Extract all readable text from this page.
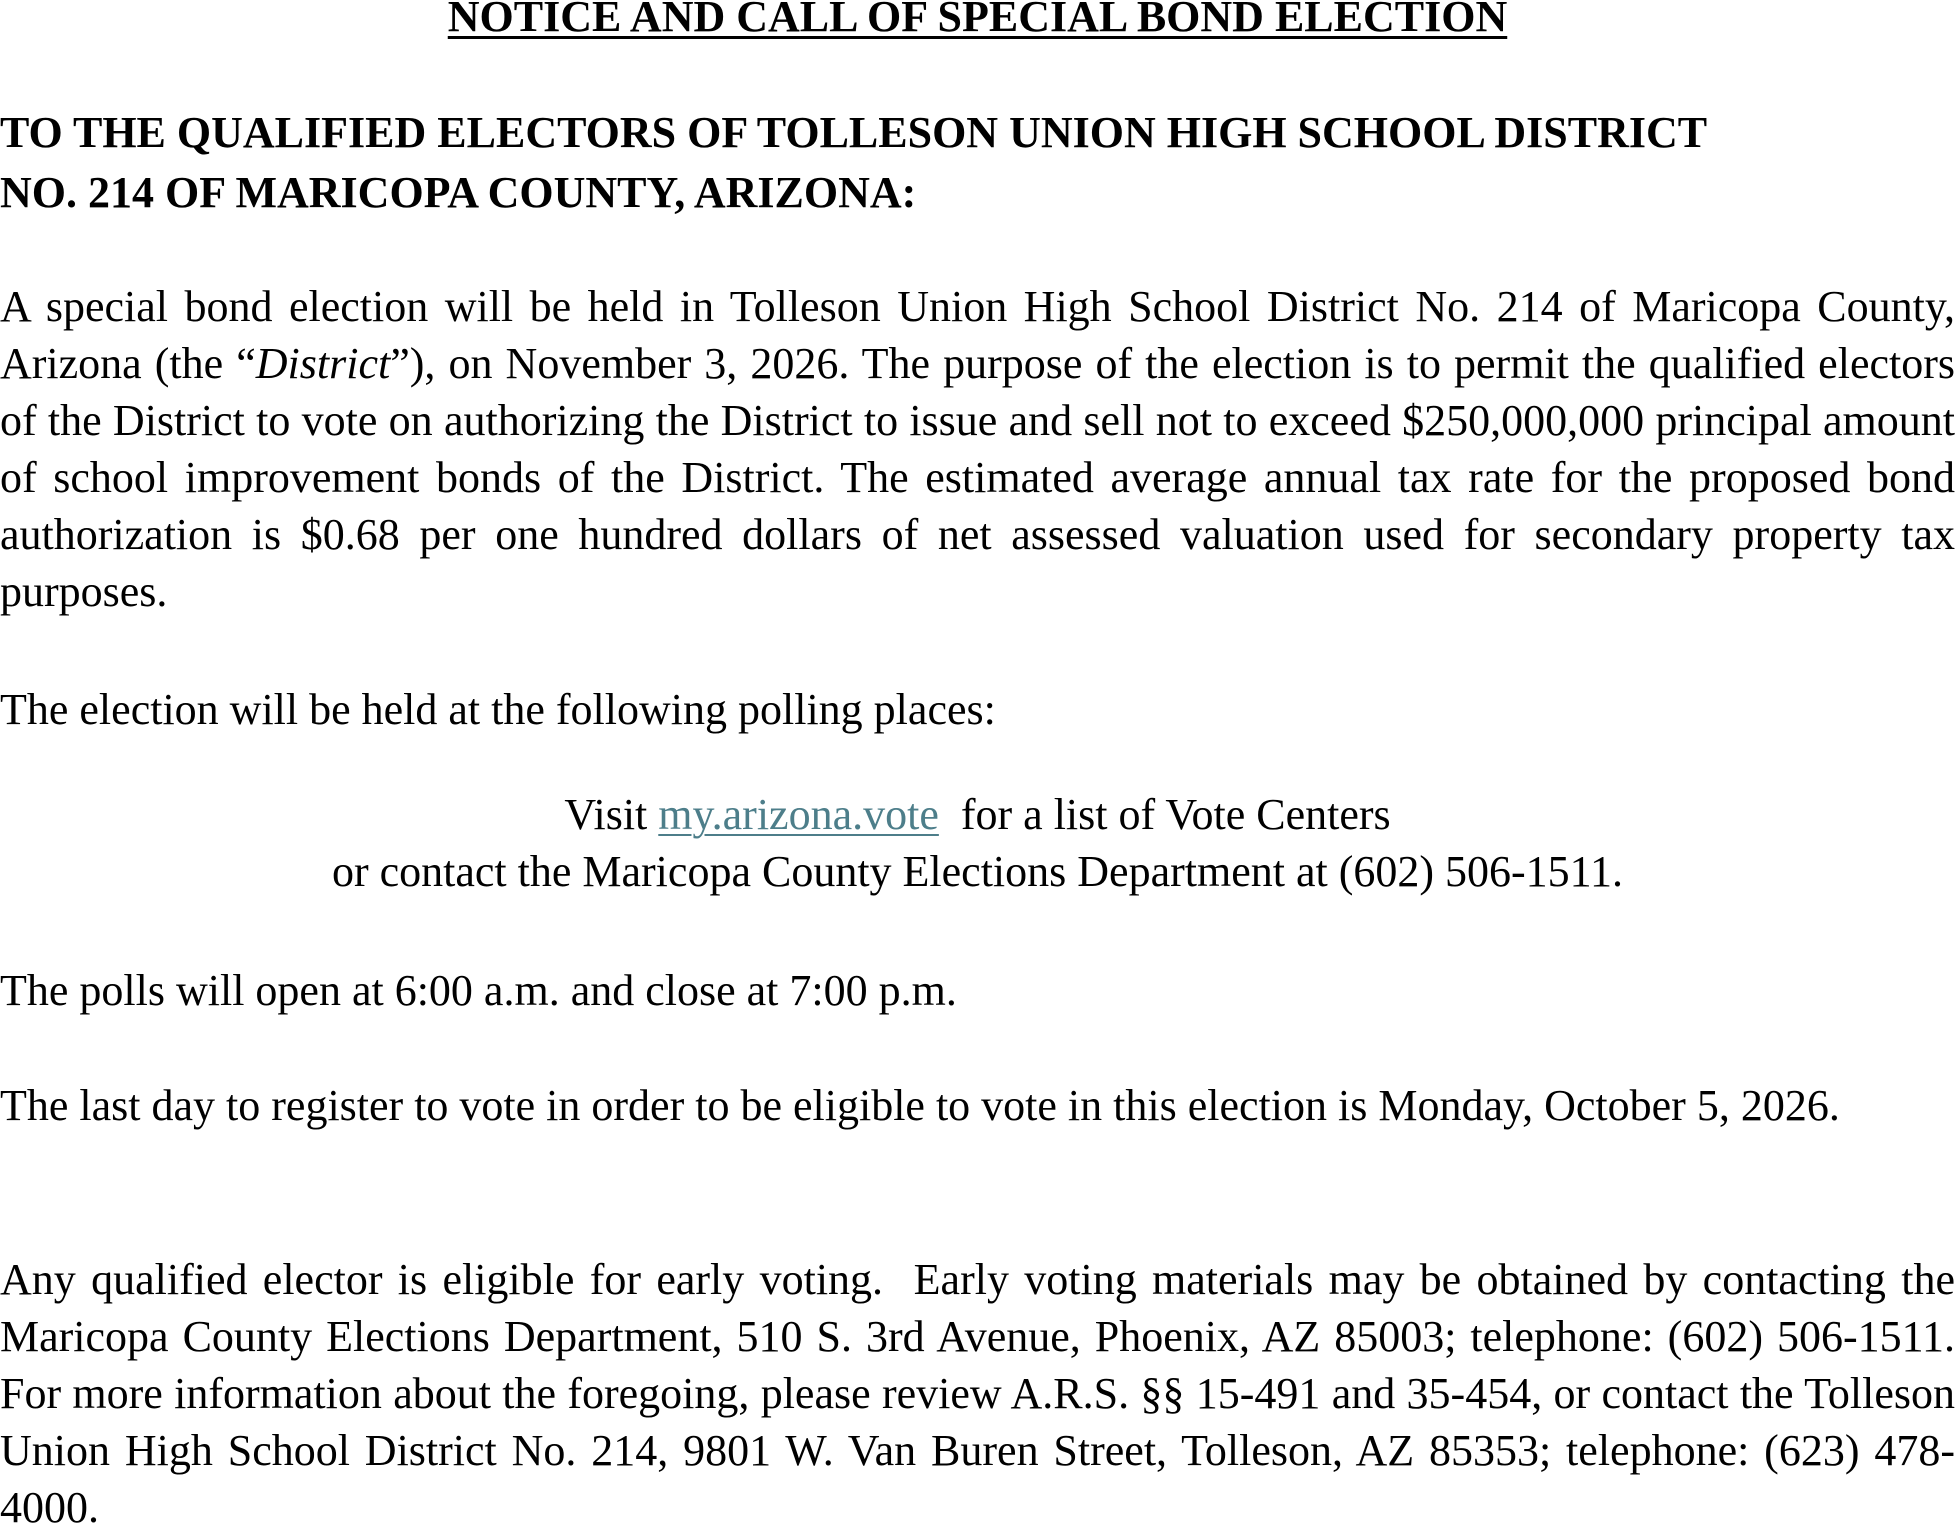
NOTICE AND CALL OF SPECIAL BOND ELECTION

TO THE QUALIFIED ELECTORS OF TOLLESON UNION HIGH SCHOOL DISTRICT
NO. 214 OF MARICOPA COUNTY, ARIZONA:

A special bond election will be held in Tolleson Union High School District No. 214 of Maricopa County, Arizona (the “District”), on November 3, 2026. The purpose of the election is to permit the qualified electors of the District to vote on authorizing the District to issue and sell not to exceed $250,000,000 principal amount of school improvement bonds of the District. The estimated average annual tax rate for the proposed bond authorization is $0.68 per one hundred dollars of net assessed valuation used for secondary property tax purposes.

The election will be held at the following polling places:

Visit my.arizona.vote  for a list of Vote Centers
or contact the Maricopa County Elections Department at (602) 506-1511.

The polls will open at 6:00 a.m. and close at 7:00 p.m.

The last day to register to vote in order to be eligible to vote in this election is Monday, October 5, 2026.

Any qualified elector is eligible for early voting.  Early voting materials may be obtained by contacting the Maricopa County Elections Department, 510 S. 3rd Avenue, Phoenix, AZ 85003; telephone: (602) 506-1511.  For more information about the foregoing, please review A.R.S. §§ 15-491 and 35-454, or contact the Tolleson Union High School District No. 214, 9801 W. Van Buren Street, Tolleson, AZ 85353; telephone: (623) 478-4000.
